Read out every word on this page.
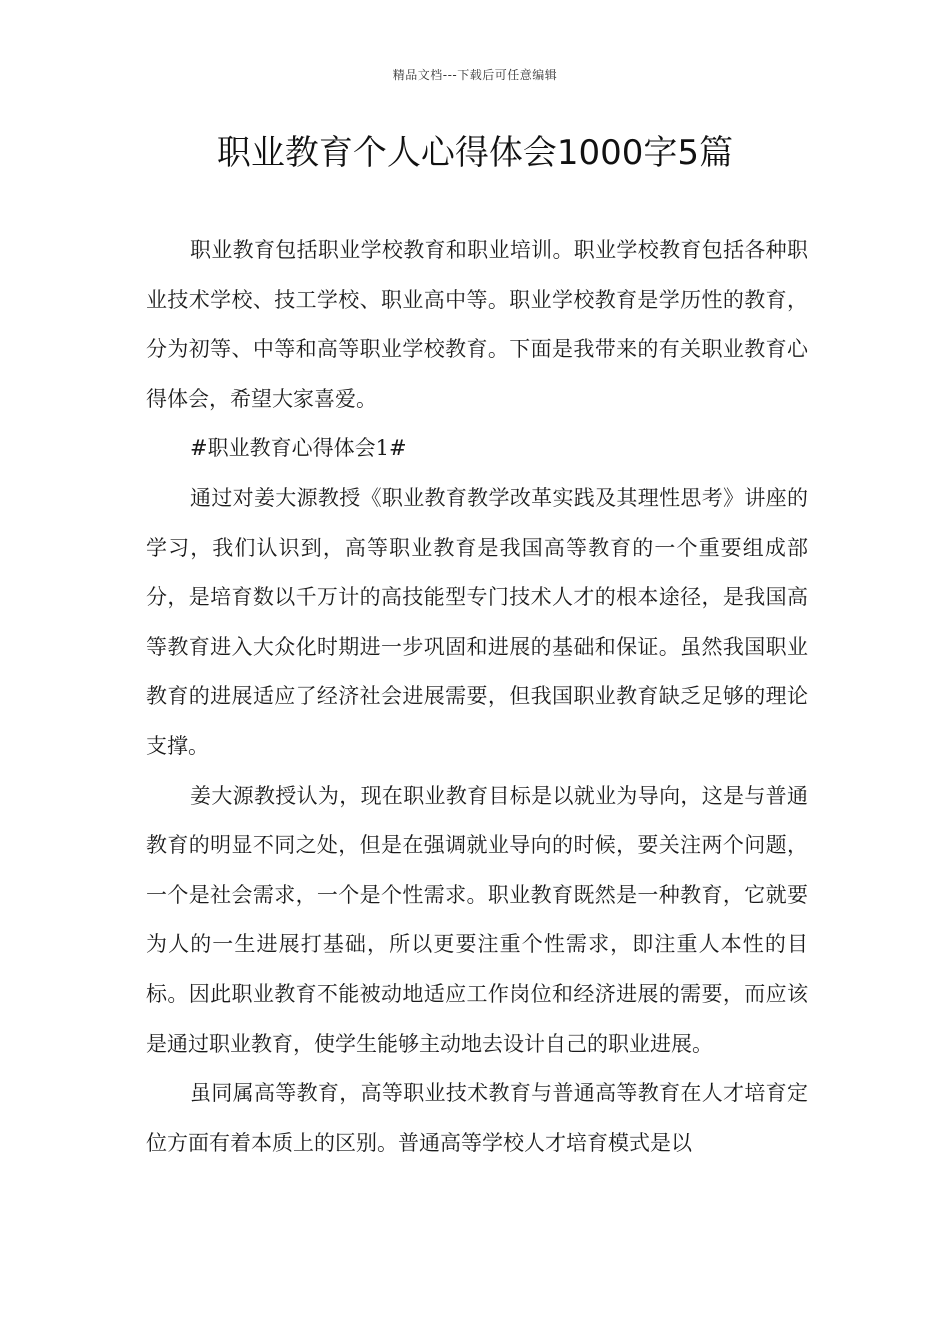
精品文档---下载后可任意编辑
职业教育个人心得体会1000字5篇

职业教育包括职业学校教育和职业培训。职业学校教育包括各种职业技术学校、技工学校、职业高中等。职业学校教育是学历性的教育，分为初等、中等和高等职业学校教育。下面是我带来的有关职业教育心得体会，希望大家喜爱。

#职业教育心得体会1#

通过对姜大源教授《职业教育教学改革实践及其理性思考》讲座的学习，我们认识到，高等职业教育是我国高等教育的一个重要组成部分，是培育数以千万计的高技能型专门技术人才的根本途径，是我国高等教育进入大众化时期进一步巩固和进展的基础和保证。虽然我国职业教育的进展适应了经济社会进展需要，但我国职业教育缺乏足够的理论支撑。

姜大源教授认为，现在职业教育目标是以就业为导向，这是与普通教育的明显不同之处，但是在强调就业导向的时候，要关注两个问题，一个是社会需求，一个是个性需求。职业教育既然是一种教育，它就要为人的一生进展打基础，所以更要注重个性需求，即注重人本性的目标。因此职业教育不能被动地适应工作岗位和经济进展的需要，而应该是通过职业教育，使学生能够主动地去设计自己的职业进展。

虽同属高等教育，高等职业技术教育与普通高等教育在人才培育定位方面有着本质上的区别。普通高等学校人才培育模式是以
